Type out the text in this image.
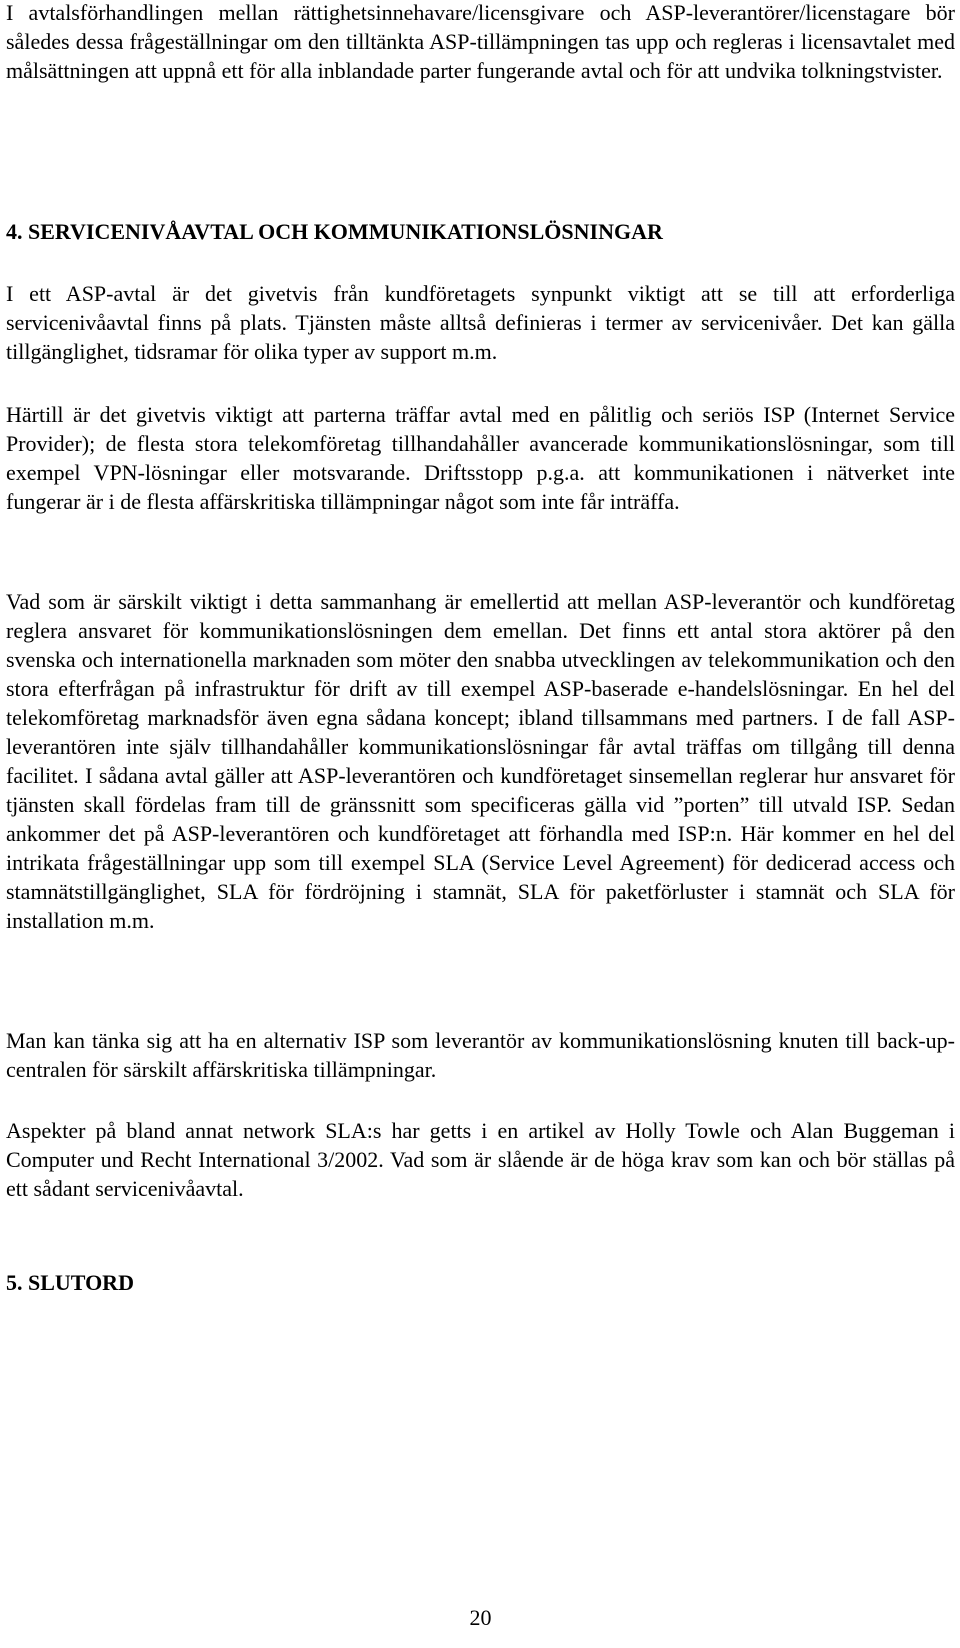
I avtalsförhandlingen mellan rättighetsinnehavare/licensgivare och ASP-leverantörer/licenstagare bör således dessa frågeställningar om den tilltänkta ASP-tillämpningen tas upp och regleras i licensavtalet med målsättningen att uppnå ett för alla inblandade parter fungerande avtal och för att undvika tolkningstvister.

4. SERVICENIVÅAVTAL OCH KOMMUNIKATIONSLÖSNINGAR

I ett ASP-avtal är det givetvis från kundföretagets synpunkt viktigt att se till att erforderliga servicenivåavtal finns på plats. Tjänsten måste alltså definieras i termer av servicenivåer. Det kan gälla tillgänglighet, tidsramar för olika typer av support m.m.

Härtill är det givetvis viktigt att parterna träffar avtal med en pålitlig och seriös ISP (Internet Service Provider); de flesta stora telekomföretag tillhandahåller avancerade kommunikationslösningar, som till exempel VPN-lösningar eller motsvarande. Driftsstopp p.g.a. att kommunikationen i nätverket inte fungerar är i de flesta affärskritiska tillämpningar något som inte får inträffa.

Vad som är särskilt viktigt i detta sammanhang är emellertid att mellan ASP-leverantör och kundföretag reglera ansvaret för kommunikationslösningen dem emellan. Det finns ett antal stora aktörer på den svenska och internationella marknaden som möter den snabba utvecklingen av telekommunikation och den stora efterfrågan på infrastruktur för drift av till exempel ASP-baserade e-handelslösningar. En hel del telekomföretag marknadsför även egna sådana koncept; ibland tillsammans med partners. I de fall ASP-leverantören inte själv tillhandahåller kommunikationslösningar får avtal träffas om tillgång till denna facilitet. I sådana avtal gäller att ASP-leverantören och kundföretaget sinsemellan reglerar hur ansvaret för tjänsten skall fördelas fram till de gränssnitt som specificeras gälla vid ”porten” till utvald ISP. Sedan ankommer det på ASP-leverantören och kundföretaget att förhandla med ISP:n. Här kommer en hel del intrikata frågeställningar upp som till exempel SLA (Service Level Agreement) för dedicerad access och stamnätstillgänglighet, SLA för fördröjning i stamnät, SLA för paketförluster i stamnät och SLA för installation m.m.

Man kan tänka sig att ha en alternativ ISP som leverantör av kommunikationslösning knuten till back-up-centralen för särskilt affärskritiska tillämpningar.

Aspekter på bland annat network SLA:s har getts i en artikel av Holly Towle och Alan Buggeman i Computer und Recht International 3/2002. Vad som är slående är de höga krav som kan och bör ställas på ett sådant servicenivåavtal.

5. SLUTORD
20
